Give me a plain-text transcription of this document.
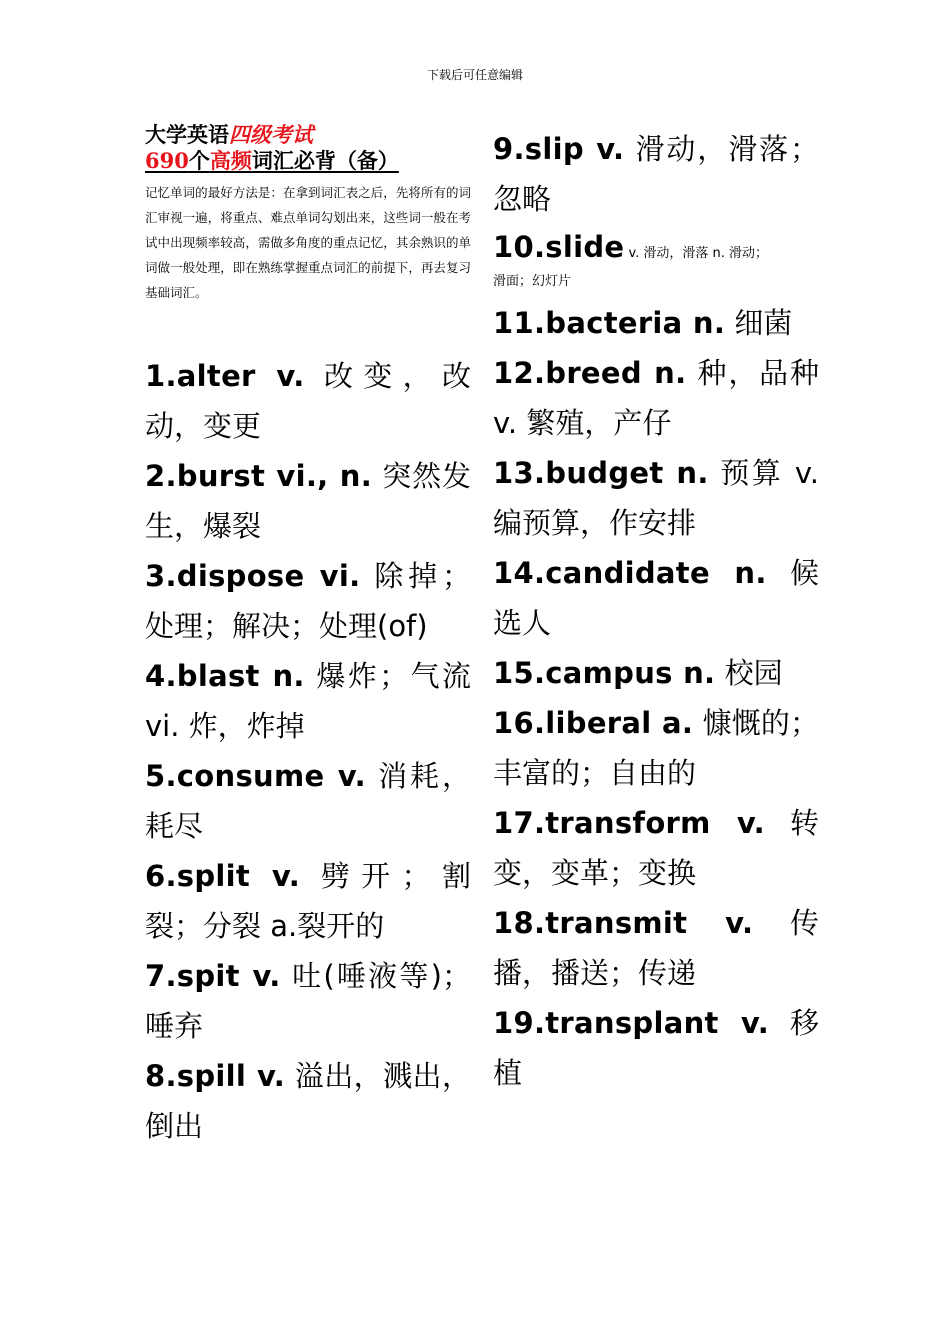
下载后可任意编辑
大学英语四级考试
690个高频词汇必背（备）
记忆单词的最好方法是：在拿到词汇表之后，先将所有的词汇审视一遍，将重点、难点单词勾划出来，这些词一般在考试中出现频率较高，需做多角度的重点记忆，其余熟识的单词做一般处理，即在熟练掌握重点词汇的前提下，再去复习基础词汇。
1.alter v. 改变，改动，变更
2.burst vi., n. 突然发生，爆裂
3.dispose vi. 除掉；处理；解决；处理(of)
4.blast n. 爆炸；气流 vi. 炸，炸掉
5.consume v. 消耗，耗尽
6.split v. 劈开；割裂；分裂 a.裂开的
7.spit v. 吐(唾液等)；唾弃
8.spill v. 溢出，溅出，倒出
9.slip v. 滑动，滑落；忽略
10.slide v. 滑动，滑落 n. 滑动；
滑面；幻灯片
11.bacteria n. 细菌
12.breed n. 种，品种 v. 繁殖，产仔
13.budget n. 预算 v. 编预算，作安排
14.candidate n. 候选人
15.campus n. 校园
16.liberal a. 慷慨的；丰富的；自由的
17.transform v. 转变，变革；变换
18.transmit v. 传播，播送；传递
19.transplant v. 移植
